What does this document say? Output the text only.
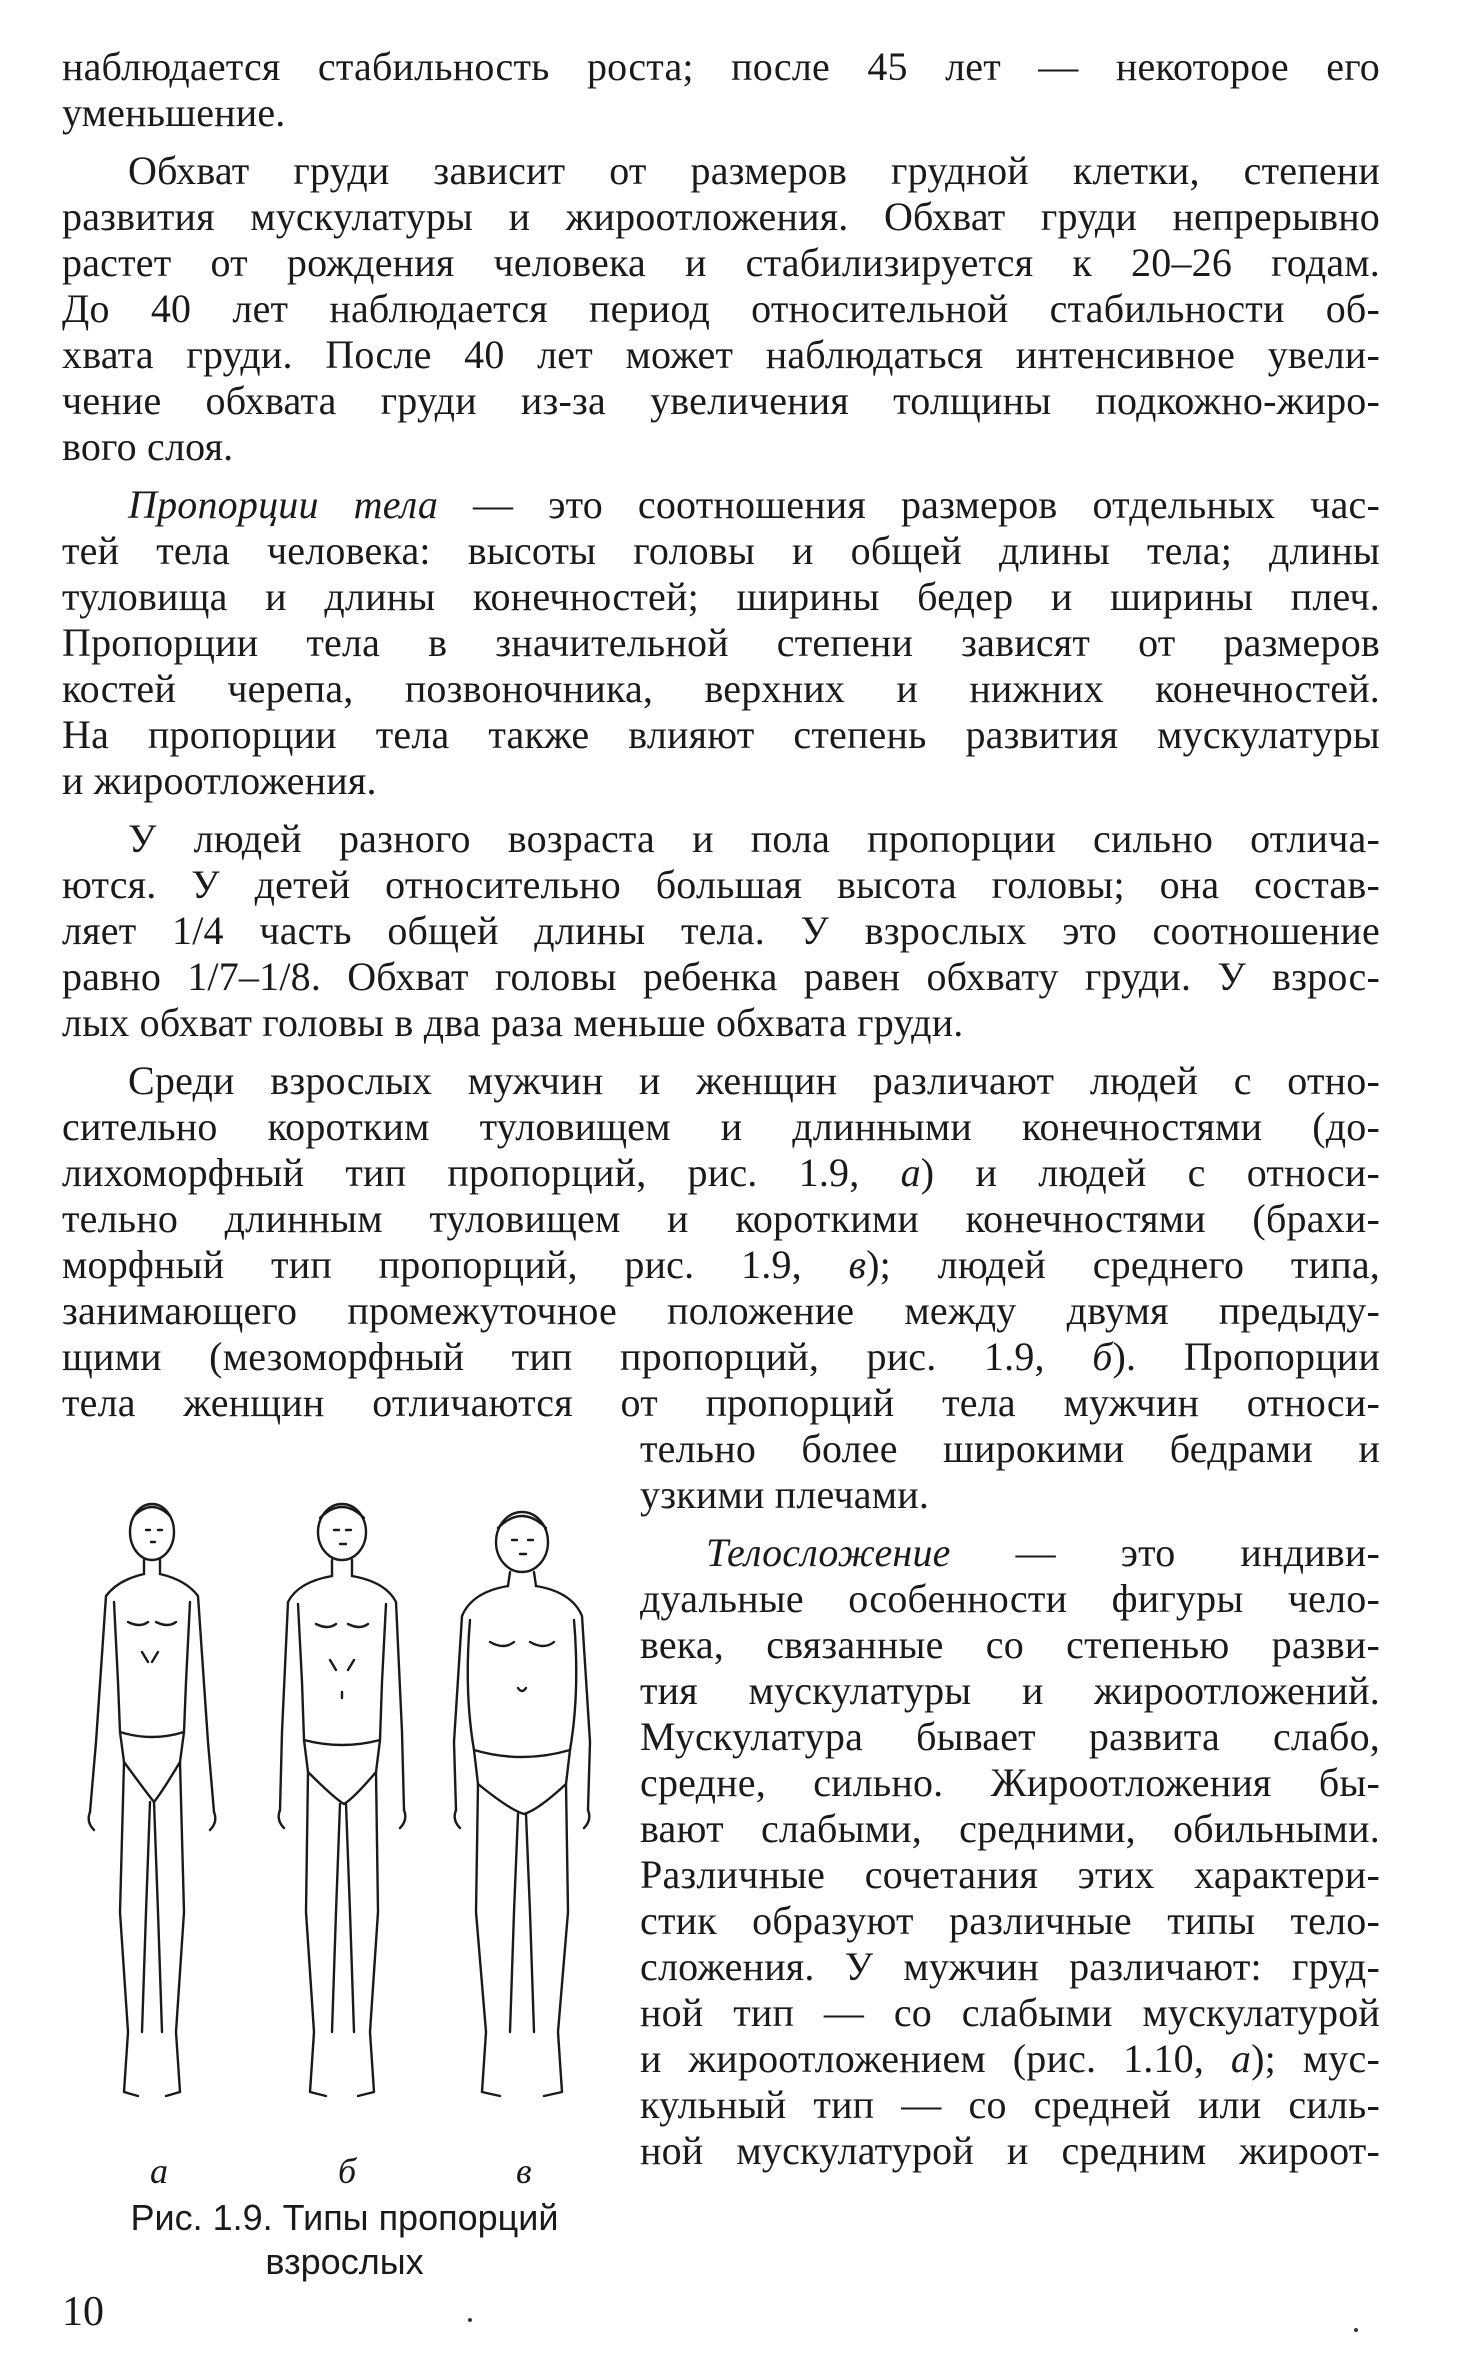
наблюдается стабильность роста; после 45 лет — некоторое его
уменьшение.
Обхват груди зависит от размеров грудной клетки, степени
развития мускулатуры и жироотложения. Обхват груди непрерывно
растет от рождения человека и стабилизируется к 20–26 годам.
До 40 лет наблюдается период относительной стабильности об-
хвата груди. После 40 лет может наблюдаться интенсивное увели-
чение обхвата груди из-за увеличения толщины подкожно-жиро-
вого слоя.
Пропорции тела — это соотношения размеров отдельных час-
тей тела человека: высоты головы и общей длины тела; длины
туловища и длины конечностей; ширины бедер и ширины плеч.
Пропорции тела в значительной степени зависят от размеров
костей черепа, позвоночника, верхних и нижних конечностей.
На пропорции тела также влияют степень развития мускулатуры
и жироотложения.
У людей разного возраста и пола пропорции сильно отлича-
ются. У детей относительно большая высота головы; она состав-
ляет 1/4 часть общей длины тела. У взрослых это соотношение
равно 1/7–1/8. Обхват головы ребенка равен обхвату груди. У взрос-
лых обхват головы в два раза меньше обхвата груди.
Среди взрослых мужчин и женщин различают людей с отно-
сительно коротким туловищем и длинными конечностями (до-
лихоморфный тип пропорций, рис. 1.9, а) и людей с относи-
тельно длинным туловищем и короткими конечностями (брахи-
морфный тип пропорций, рис. 1.9, в); людей среднего типа,
занимающего промежуточное положение между двумя предыду-
щими (мезоморфный тип пропорций, рис. 1.9, б). Пропорции
тела женщин отличаются от пропорций тела мужчин относи-
тельно более широкими бедрами и
узкими плечами.
Телосложение — это индиви-
дуальные особенности фигуры чело-
века, связанные со степенью разви-
тия мускулатуры и жироотложений.
Мускулатура бывает развита слабо,
средне, сильно. Жироотложения бы-
вают слабыми, средними, обильными.
Различные сочетания этих характери-
стик образуют различные типы тело-
сложения. У мужчин различают: груд-
ной тип — со слабыми мускулатурой
и жироотложением (рис. 1.10, а); мус-
кульный тип — со средней или силь-
ной мускулатурой и средним жироот-
а	б	в
Рис. 1.9. Типы пропорций
взрослых
10
